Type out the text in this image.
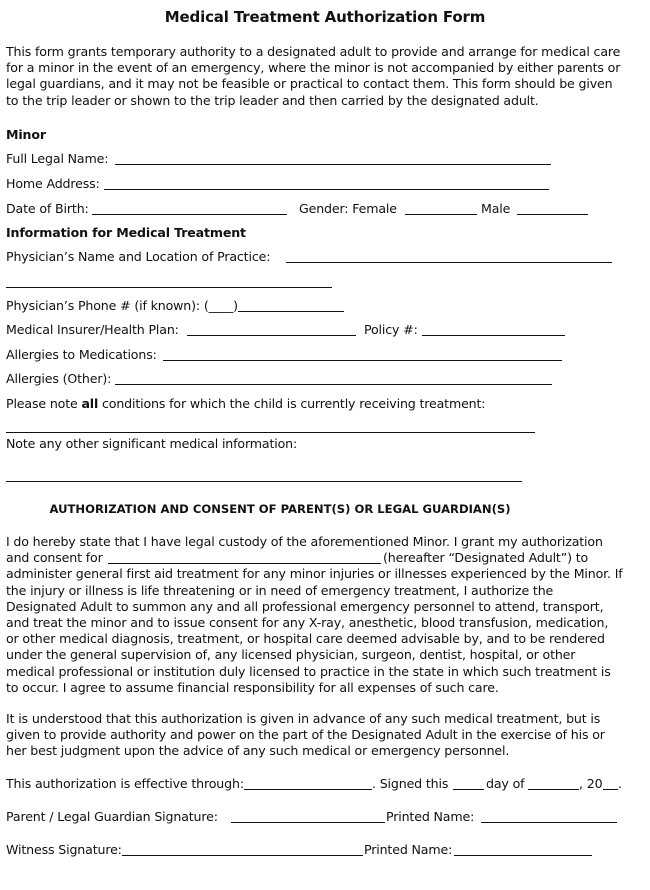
Medical Treatment Authorization Form
This form grants temporary authority to a designated adult to provide and arrange for medical care
for a minor in the event of an emergency, where the minor is not accompanied by either parents or
legal guardians, and it may not be feasible or practical to contact them. This form should be given
to the trip leader or shown to the trip leader and then carried by the designated adult.
Minor
Full Legal Name:
Home Address:
Date of Birth:	Gender: Female	Male
Information for Medical Treatment
Physician’s Name and Location of Practice:
Physician’s Phone # (if known): (____)
Medical Insurer/Health Plan:	Policy #:
Allergies to Medications:
Allergies (Other):
Please note all conditions for which the child is currently receiving treatment:
Note any other significant medical information:
AUTHORIZATION AND CONSENT OF PARENT(S) OR LEGAL GUARDIAN(S)
I do hereby state that I have legal custody of the aforementioned Minor. I grant my authorization
and consent for	(hereafter “Designated Adult”) to
administer general first aid treatment for any minor injuries or illnesses experienced by the Minor. If
the injury or illness is life threatening or in need of emergency treatment, I authorize the
Designated Adult to summon any and all professional emergency personnel to attend, transport,
and treat the minor and to issue consent for any X-ray, anesthetic, blood transfusion, medication,
or other medical diagnosis, treatment, or hospital care deemed advisable by, and to be rendered
under the general supervision of, any licensed physician, surgeon, dentist, hospital, or other
medical professional or institution duly licensed to practice in the state in which such treatment is
to occur. I agree to assume financial responsibility for all expenses of such care.
It is understood that this authorization is given in advance of any such medical treatment, but is
given to provide authority and power on the part of the Designated Adult in the exercise of his or
her best judgment upon the advice of any such medical or emergency personnel.
This authorization is effective through:	. Signed this	day of	, 20 .
Parent / Legal Guardian Signature:	Printed Name:
Witness Signature:	Printed Name:
